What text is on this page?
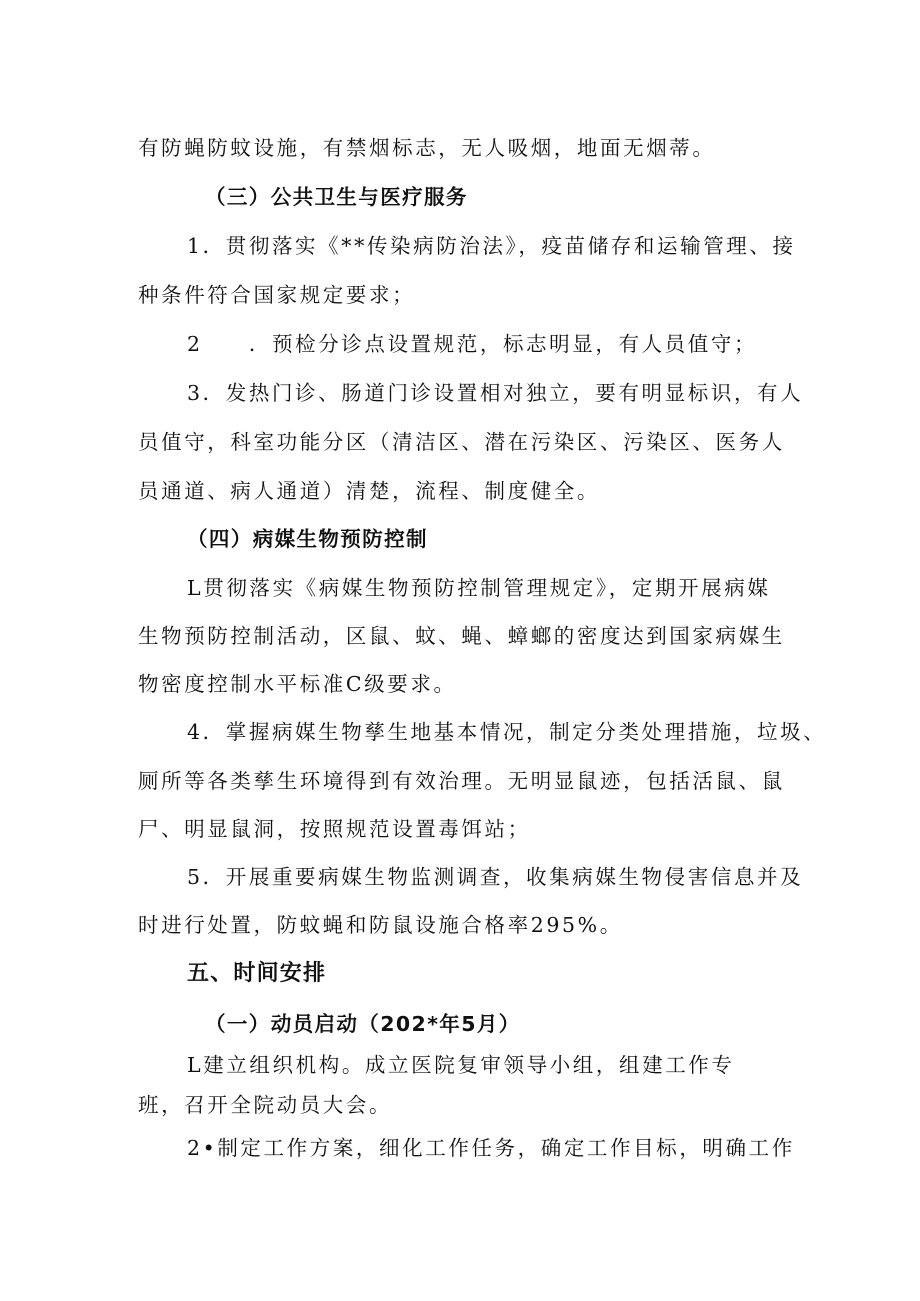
有防蝇防蚊设施，有禁烟标志，无人吸烟，地面无烟蒂。
（三）公共卫生与医疗服务
1．贯彻落实《**传染病防治法》，疫苗储存和运输管理、接
种条件符合国家规定要求；
2　　．预检分诊点设置规范，标志明显，有人员值守；
3．发热门诊、肠道门诊设置相对独立，要有明显标识，有人
员值守，科室功能分区（清洁区、潜在污染区、污染区、医务人
员通道、病人通道）清楚，流程、制度健全。
（四）病媒生物预防控制
L贯彻落实《病媒生物预防控制管理规定》，定期开展病媒
生物预防控制活动，区鼠、蚊、蝇、蟑螂的密度达到国家病媒生
物密度控制水平标准C级要求。
4．掌握病媒生物孳生地基本情况，制定分类处理措施，垃圾、
厕所等各类孳生环境得到有效治理。无明显鼠迹，包括活鼠、鼠
尸、明显鼠洞，按照规范设置毒饵站；
5．开展重要病媒生物监测调查，收集病媒生物侵害信息并及
时进行处置，防蚊蝇和防鼠设施合格率295%。
五、时间安排
（一）动员启动（202*年5月）
L建立组织机构。成立医院复审领导小组，组建工作专
班，召开全院动员大会。
2•制定工作方案，细化工作任务，确定工作目标，明确工作
